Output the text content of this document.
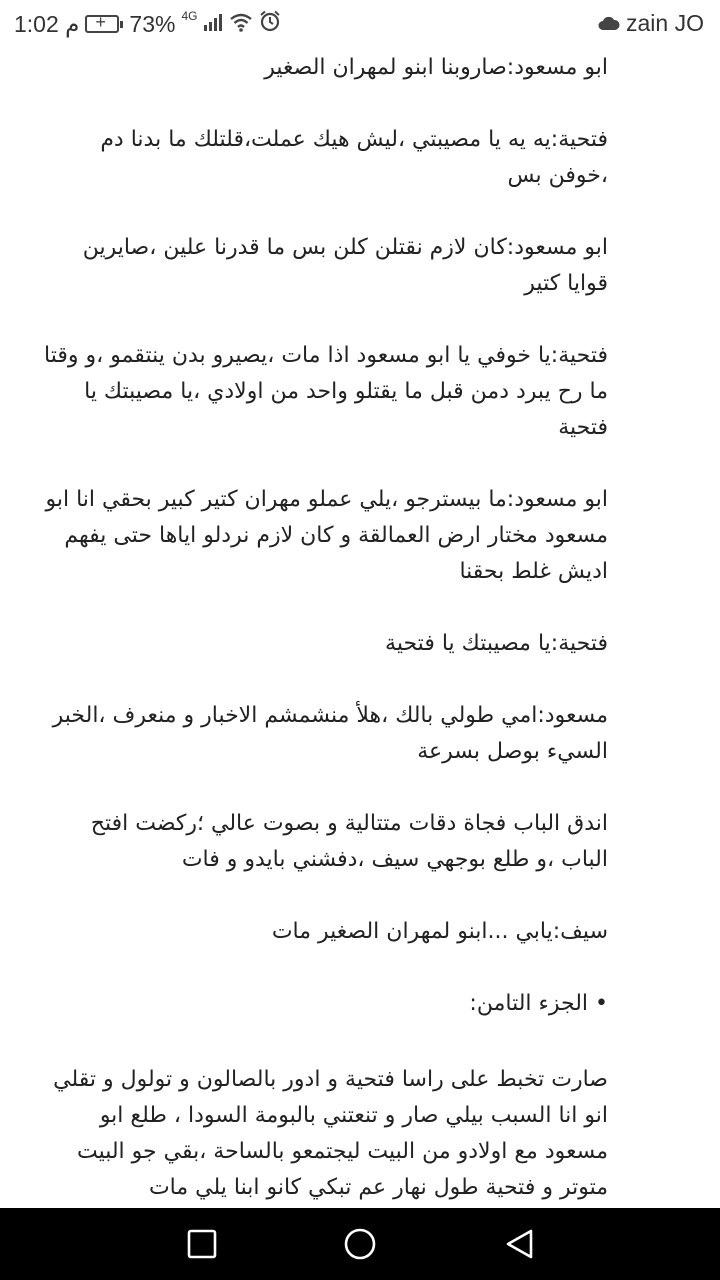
1:02 م
+ 73% 4G	zain JO

ابو مسعود:صاروبنا ابنو لمهران الصغير

فتحية:يه يه يا مصيبتي ،ليش هيك عملت،قلتلك ما بدنا دم ،خوفن بس

ابو مسعود:كان لازم نقتلن كلن بس ما قدرنا علين ،صايرين قوايا كتير

فتحية:يا خوفي يا ابو مسعود اذا مات ،يصيرو بدن ينتقمو ،و وقتا ما رح يبرد دمن قبل ما يقتلو واحد من اولادي ،يا مصيبتك يا فتحية

ابو مسعود:ما بيسترجو ،يلي عملو مهران كتير كبير بحقي انا ابو مسعود مختار ارض العمالقة و كان لازم نردلو اياها حتى يفهم اديش غلط بحقنا

فتحية:يا مصيبتك يا فتحية

مسعود:امي طولي بالك ،هلأ منشمشم الاخبار و منعرف ،الخبر السيء بوصل بسرعة

اندق الباب فجاة دقات متتالية و بصوت عالي ؛ركضت افتح الباب ،و طلع بوجهي سيف ،دفشني بايدو و فات

سيف:يابي ...ابنو لمهران الصغير مات

• الجزء التامن:

صارت تخبط على راسا فتحية و ادور بالصالون و تولول و تقلي انو انا السبب بيلي صار و تنعتني بالبومة السودا ، طلع ابو مسعود مع اولادو من البيت ليجتمعو بالساحة ،بقي جو البيت متوتر و فتحية طول نهار عم تبكي كانو ابنا يلي مات
